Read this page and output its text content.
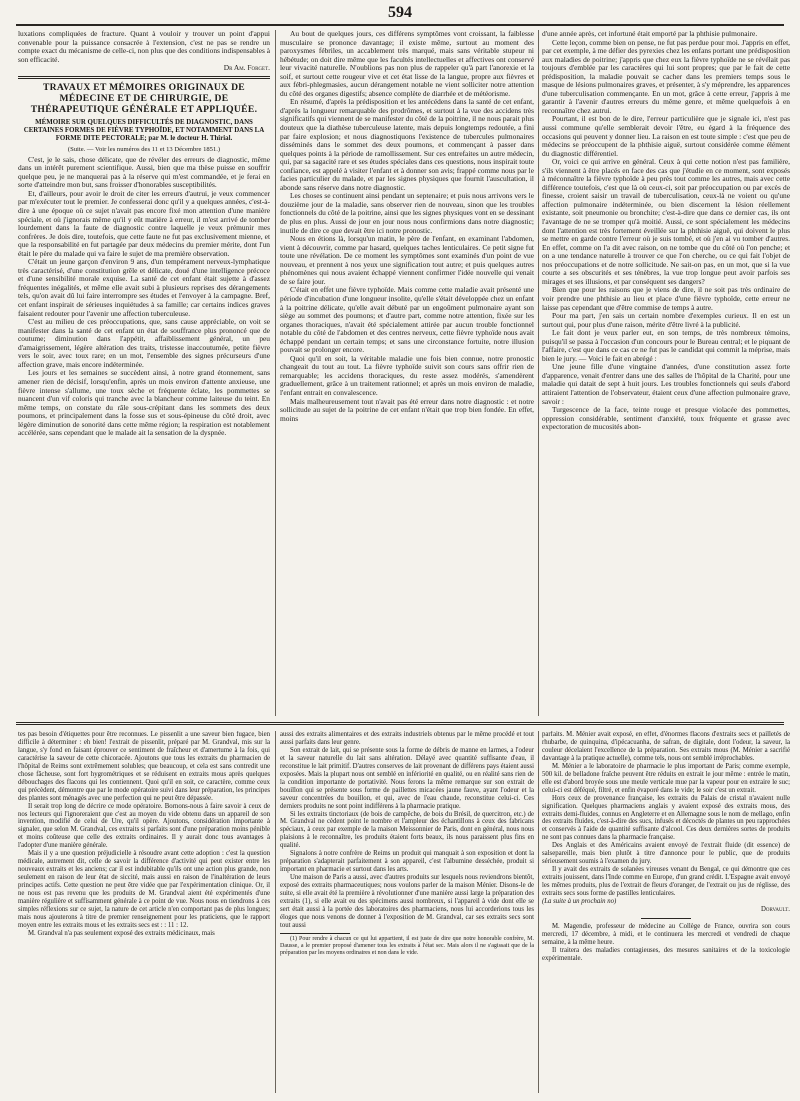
594

luxations compliquées de fracture. Quant à vouloir y trouver un point d'appui convenable pour la puissance consacrée à l'extension, c'est ne pas se rendre un compte exact du mécanisme de celle-ci, non plus que des conditions indispensables à son efficacité.

Dr Am. Forget.

TRAVAUX ET MÉMOIRES ORIGINAUX DE MÉDECINE ET DE CHIRURGIE, DE THÉRAPEUTIQUE GÉNÉRALE ET APPLIQUÉE.
MÉMOIRE SUR QUELQUES DIFFICULTÉS DE DIAGNOSTIC, DANS CERTAINES FORMES DE FIÈVRE TYPHOÏDE, ET NOTAMMENT DANS LA FORME DITE PECTORALE; par M. le docteur H. Thirial.
(Suite. — Voir les numéros des 11 et 13 Décembre 1851.)

C'est, je le sais, chose délicate, que de révéler des erreurs de diagnostic, même dans un intérêt purement scientifique. Aussi, bien que ma thèse puisse en souffrir quelque peu, je ne manquerai pas à la réserve qui m'est commandée, et je ferai en sorte d'atteindre mon but, sans froisser d'honorables susceptibilités.

Et, d'ailleurs, pour avoir le droit de citer les erreurs d'autrui, je veux commencer par m'exécuter tout le premier. Je confesserai donc qu'il y a quelques années, c'est-à-dire à une époque où ce sujet n'avait pas encore fixé mon attention d'une manière spéciale, et où j'ignorais même qu'il y eût matière à erreur, il m'est arrivé de tomber lourdement dans la faute de diagnostic contre laquelle je veux prémunir mes confrères. Je dois dire, toutefois, que cette faute ne fut pas exclusivement mienne, et que la responsabilité en fut partagée par deux médecins du premier mérite, dont l'un était le père du malade qui va faire le sujet de ma première observation.

C'était un jeune garçon d'environ 9 ans, d'un tempérament nerveux-lymphatique très caractérisé, d'une constitution grêle et délicate, doué d'une intelligence précoce et d'une sensibilité morale exquise. La santé de cet enfant était sujette à d'assez fréquentes inégalités, et même elle avait subi à plusieurs reprises des dérangements tels, qu'on avait dû lui faire interrompre ses études et l'envoyer à la campagne. Bref, cet enfant inspirait de sérieuses inquiétudes à sa famille; car certains indices graves faisaient redouter pour l'avenir une affection tuberculeuse.

C'est au milieu de ces préoccupations, que, sans cause appréciable, on voit se manifester dans la santé de cet enfant un état de souffrance plus prononcé que de coutume; diminution dans l'appétit, affaiblissement général, un peu d'amaigrissement, légère altération des traits, tristesse inaccoutumée, petite fièvre vers le soir, avec toux rare; en un mot, l'ensemble des signes précurseurs d'une affection grave, mais encore indéterminée.

Les jours et les semaines se succèdent ainsi, à notre grand étonnement, sans amener rien de décisif, lorsqu'enfin, après un mois environ d'attente anxieuse, une fièvre intense s'allume, une toux sèche et fréquente éclate, les pommettes se nuancent d'un vif coloris qui tranche avec la blancheur comme laiteuse du teint. En même temps, on constate du râle sous-crépitant dans les sommets des deux poumons, et principalement dans la fosse sus et sous-épineuse du côté droit, avec légère diminution de sonorité dans cette même région; la respiration est notablement accélérée, sans cependant que le malade ait la sensation de la dyspnée.

Au bout de quelques jours, ces différens symptômes vont croissant, la faiblesse musculaire se prononce davantage; il existe même, surtout au moment des paroxysmes fébriles, un accablement très marqué, mais sans véritable stupeur ni hébétude; on doit dire même que les facultés intellectuelles et affectives ont conservé leur vivacité naturelle. N'oublions pas non plus de rappeler qu'à part l'anorexie et la soif, et surtout cette rougeur vive et cet état lisse de la langue, propre aux fièvres et aux fébri-phlegmasies, aucun dérangement notable ne vient solliciter notre attention du côté des organes digestifs; absence complète de diarrhée et de météorisme.

En résumé, d'après la prédisposition et les antécédens dans la santé de cet enfant, d'après la longueur remarquable des prodrômes, et surtout à la vue des accidens très significatifs qui viennent de se manifester du côté de la poitrine, il ne nous parait plus douteux que la diathèse tuberculeuse latente, mais depuis longtemps redoutée, a fini par faire explosion; et nous diagnostiquons l'existence de tubercules pulmonaires disséminés dans le sommet des deux poumons, et commençant à passer dans quelques points à la période de ramollissement. Sur ces entrefaites un autre médecin, qui, par sa sagacité rare et ses études spéciales dans ces questions, nous inspirait toute confiance, est appelé à visiter l'enfant et à donner son avis; frappé comme nous par le facies particulier du malade, et par les signes physiques que fournit l'auscultation, il abonde sans réserve dans notre diagnostic.

Les choses se continuent ainsi pendant un septenaire; et puis nous arrivons vers le douzième jour de la maladie, sans observer rien de nouveau, sinon que les troubles fonctionnels du côté de la poitrine, ainsi que les signes physiques vont en se dessinant de plus en plus. Aussi de jour en jour nous nous confirmions dans notre diagnostic; inutile de dire ce que devait être ici notre pronostic.

Nous en étions là, lorsqu'un matin, le père de l'enfant, en examinant l'abdomen, vient à découvrir, comme par hasard, quelques taches lenticulaires. Ce petit signe fut toute une révélation. De ce moment les symptômes sont examinés d'un point de vue nouveau, et prennent à nos yeux une signification tout autre; et puis quelques autres phénomènes qui nous avaient échappé viennent confirmer l'idée nouvelle qui venait de se faire jour.

C'était en effet une fièvre typhoïde. Mais comme cette maladie avait présenté une période d'incubation d'une longueur insolite, qu'elle s'était développée chez un enfant à la poitrine délicate, qu'elle avait débuté par un engoûment pulmonaire ayant son siège au sommet des poumons; et d'autre part, comme notre attention, fixée sur les organes thoraciques, n'avait été spécialement attirée par aucun trouble fonctionnel notable du côté de l'abdomen et des centres nerveux, cette fièvre typhoïde nous avait échappé pendant un certain temps; et sans une circonstance fortuite, notre illusion pouvait se prolonger encore.

Quoi qu'il en soit, la véritable maladie une fois bien connue, notre pronostic changeait du tout au tout. La fièvre typhoïde suivit son cours sans offrir rien de remarquable; les accidens thoraciques, du reste assez modérés, s'amendèrent graduellement, grâce à un traitement rationnel; et après un mois environ de maladie, l'enfant entrait en convalescence.

Mais malheureusement tout n'avait pas été erreur dans notre diagnostic : et notre sollicitude au sujet de la poitrine de cet enfant n'était que trop bien fondée. En effet, moins

d'une année après, cet infortuné était emporté par la phthisie pulmonaire.

Cette leçon, comme bien on pense, ne fut pas perdue pour moi. J'appris en effet, par cet exemple, à me défier des pyrexies chez les enfans portant une prédisposition aux maladies de poitrine; j'appris que chez eux la fièvre typhoïde ne se révélait pas toujours d'emblée par les caractères qui lui sont propres; que par le fait de cette prédisposition, la maladie pouvait se cacher dans les premiers temps sous le masque de lésions pulmonaires graves, et présenter, à s'y méprendre, les apparences d'une tuberculisation commençante. En un mot, grâce à cette erreur, j'appris à me garantir à l'avenir d'autres erreurs du même genre, et même quelquefois à en reconnaître chez autrui.

Pourtant, il est bon de le dire, l'erreur particulière que je signale ici, n'est pas aussi commune qu'elle semblerait devoir l'être, eu égard à la fréquence des occasions qui peuvent y donner lieu. La raison en est toute simple : c'est que peu de médecins se préoccupent de la phthisie aiguë, surtout considérée comme élément du diagnostic différentiel.

Or, voici ce qui arrive en général. Ceux à qui cette notion n'est pas familière, s'ils viennent à être placés en face des cas que j'étudie en ce moment, sont exposés à méconnaître la fièvre typhoïde à peu près tout comme les autres, mais avec cette différence toutefois, c'est que là où ceux-ci, soit par préoccupation ou par excès de finesse, croient saisir un travail de tuberculisation, ceux-là ne voient ou qu'une affection pulmonaire indéterminée, ou bien discernent la lésion réellement existante, soit pneumonie ou bronchite; c'est-à-dire que dans ce dernier cas, ils ont l'avantage de ne se tromper qu'à moitié. Aussi, ce sont spécialement les médecins dont l'attention est très fortement éveillée sur la phthisie aiguë, qui doivent le plus se mettre en garde contre l'erreur où je suis tombé, et où j'en ai vu tomber d'autres. En effet, comme on l'a dit avec raison, on ne tombe que du côté où l'on penche; et on a une tendance naturelle à trouver ce que l'on cherche, ou ce qui fait l'objet de nos préoccupations et de notre sollicitude. Ne sait-on pas, en un mot, que si la vue courte a ses obscurités et ses ténèbres, la vue trop longue peut avoir parfois ses mirages et ses illusions, et par conséquent ses dangers?

Bien que pour les raisons que je viens de dire, il ne soit pas très ordinaire de voir prendre une phthisie au lieu et place d'une fièvre typhoïde, cette erreur ne laisse pas cependant que d'être commise de temps à autre.

Pour ma part, j'en sais un certain nombre d'exemples curieux. Il en est un surtout qui, pour plus d'une raison, mérite d'être livré à la publicité.

Le fait dont je veux parler eut, en son temps, de très nombreux témoins, puisqu'il se passa à l'occasion d'un concours pour le Bureau central; et le piquant de l'affaire, c'est que dans ce cas ce ne fut pas le candidat qui commit la méprise, mais bien le jury. — Voici le fait en abrégé :

Une jeune fille d'une vingtaine d'années, d'une constitution assez forte d'apparence, venait d'entrer dans une des salles de l'hôpital de la Charité, pour une maladie qui datait de sept à huit jours. Les troubles fonctionnels qui seuls d'abord attiraient l'attention de l'observateur, étaient ceux d'une affection pulmonaire grave, savoir :

Turgescence de la face, teinte rouge et presque violacée des pommettes, oppression considérable, sentiment d'anxiété, toux fréquente et grasse avec expectoration de mucosités abon-

tes pas besoin d'étiquettes pour être reconnues. Le pissenlit a une saveur bien fugace, bien difficile à déterminer : eh bien! l'extrait de pissenlit, préparé par M. Grandval, mis sur la langue, s'y fond en faisant éprouver ce sentiment de fraîcheur et d'amertume à la fois, qui caractérise la saveur de cette chicoracée. Ajoutons que tous les extraits du pharmacien de l'hôpital de Reims sont extrêmement solubles; que beaucoup, et cela est sans contredit une chose fâcheuse, sont fort hygrométriques et se réduisent en extraits mous après quelques débouchages des flacons qui les contiennent. Quoi qu'il en soit, ce caractère, comme ceux qui précèdent, démontre que par le mode opératoire suivi dans leur préparation, les principes des plantes sont ménagés avec une perfection qui ne peut être dépassée.

Il serait trop long de décrire ce mode opératoire. Bornons-nous à faire savoir à ceux de nos lecteurs qui l'ignoreraient que c'est au moyen du vide obtenu dans un appareil de son invention, modifié de celui de Ure, qu'il opère. Ajoutons, considération importante à signaler, que selon M. Grandval, ces extraits si parfaits sont d'une préparation moins pénible et moins coûteuse que celle des extraits ordinaires. Il y aurait donc tous avantages à l'adopter d'une manière générale.

Mais il y a une question préjudicielle à résoudre avant cette adoption : c'est la question médicale, autrement dit, celle de savoir la différence d'activité qui peut exister entre les nouveaux extraits et les anciens; car il est indubitable qu'ils ont une action plus grande, non seulement en raison de leur état de siccité, mais aussi en raison de l'inaltération de leurs principes actifs. Cette question ne peut être vidée que par l'expérimentation clinique. Or, il ne nous est pas revenu que les produits de M. Grandval aient été expérimentés d'une manière régulière et suffisamment générale à ce point de vue. Nous nous en tiendrons à ces simples réflexions sur ce sujet, la nature de cet article n'en comportant pas de plus longues; mais nous ajouterons à titre de premier renseignement pour les praticiens, que le rapport moyen entre les extraits mous et les extraits secs est : : 11 : 12.

M. Grandval n'a pas seulement exposé des extraits médicinaux, mais

aussi des extraits alimentaires et des extraits industriels obtenus par le même procédé et tout aussi parfaits dans leur genre.

Son extrait de lait, qui se présente sous la forme de débris de manne en larmes, a l'odeur et la saveur naturelle du lait sans altération. Délayé avec quantité suffisante d'eau, il reconstitue le lait primitif. D'autres conserves de lait provenant de différens pays étaient aussi exposées. Mais la plupart nous ont semblé en infériorité en qualité, ou en réalité sans rien de la condition importante de portativité. Nous ferons la même remarque sur son extrait de bouillon qui se présente sous forme de paillettes micacées jaune fauve, ayant l'odeur et la saveur concentrées du bouillon, et qui, avec de l'eau chaude, reconstitue celui-ci. Ces derniers produits ne sont point indifférens à la pharmacie pratique.

Si les extraits tinctoriaux (de bois de campêche, de bois du Brésil, de quercitron, etc.) de M. Grandval ne cèdent point le nombre et l'ampleur des échantillons à ceux des fabricans spéciaux, à ceux par exemple de la maison Meissonnier de Paris, dont en général, nous nous plaisions à le reconnaître, les produits étaient forts beaux, ils nous paraissent plus fins en qualité.

Signalons à notre confrère de Reims un produit qui manquait à son exposition et dont la préparation s'adapterait parfaitement à son appareil, c'est l'albumine desséchée, produit si important en pharmacie et surtout dans les arts.

Une maison de Paris a aussi, avec d'autres produits sur lesquels nous reviendrons bientôt, exposé des extraits pharmaceutiques; nous voulons parler de la maison Ménier. Disons-le de suite, si elle avait été la première à révolutionner d'une manière aussi large la préparation des extraits (1), si elle avait eu des spécimens aussi nombreux, si l'appareil à vide dont elle se sert était aussi à la portée des laboratoires des pharmaciens, nous lui accorderions tous les éloges que nous venons de donner à l'exposition de M. Grandval, car ses extraits secs sont tout aussi

(1) Pour rendre à chacun ce qui lui appartient, il est juste de dire que notre honorable confrère, M. Dausse, a le premier proposé d'amener tous les extraits à l'état sec. Mais alors il ne s'agissait que de la préparation par les moyens ordinaires et non dans le vide.

parfaits. M. Ménier avait exposé, en effet, d'énormes flacons d'extraits secs et pailletés de rhubarbe, de quinquina, d'ipécacuanha, de safran, de digitale, dont l'odeur, la saveur, la couleur décelaient l'excellence de la préparation. Ses extraits mous (M. Ménier a sacrifié davantage à la pratique actuelle), comme tels, nous ont semblé irréprochables.

M. Ménier a le laboratoire de pharmacie le plus important de Paris; comme exemple, 500 kil. de belladone fraîche peuvent être réduits en extrait le jour même : entrée le matin, elle est d'abord broyée sous une meule verticale mue par la vapeur pour en extraire le suc; celui-ci est déféqué, filtré, et enfin évaporé dans le vide; le soir c'est un extrait.

Hors ceux de provenance française, les extraits du Palais de cristal n'avaient nulle signification. Quelques pharmaciens anglais y avaient exposé des extraits mous, des extraits demi-fluides, connus en Angleterre et en Allemagne sous le nom de mellago, enfin des extraits fluides, c'est-à-dire des sucs, infusés et décoctés de plantes un peu rapprochées et conservés à l'aide de quantité suffisante d'alcool. Ces deux dernières sortes de produits ne sont pas connues dans la pharmacie française.

Des Anglais et des Américains avaient envoyé de l'extrait fluide (dit essence) de salsepareille, mais bien plutôt à titre d'annonce pour le public, que de produits sérieusement soumis à l'examen du jury.

Il y avait des extraits de solanées vireuses venant du Bengal, ce qui démontre que ces extraits jouissent, dans l'Inde comme en Europe, d'un grand crédit. L'Espagne avait envoyé les mêmes produits, plus de l'extrait de fleurs d'oranger, de l'extrait ou jus de réglisse, des extraits secs sous forme de pastilles lenticulaires.

(La suite à un prochain no)

Dorvault.

M. Magendie, professeur de médecine au Collège de France, ouvrira son cours mercredi, 17 décembre, à midi, et le continuera les mercredi et vendredi de chaque semaine, à la même heure.

Il traitera des maladies contagieuses, des mesures sanitaires et de la toxicologie expérimentale.
